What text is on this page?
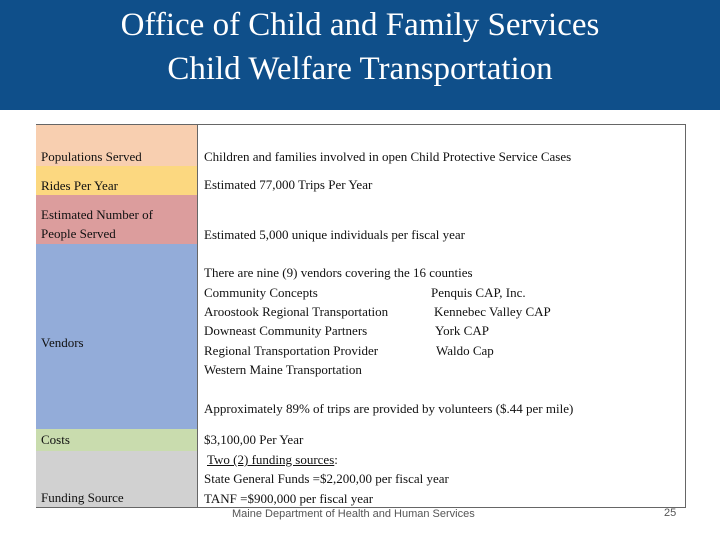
Office of Child and Family Services
Child Welfare Transportation
Populations Served
Rides Per Year
Estimated Number of
People Served
Vendors
Costs
Funding Source
Children and families involved in open Child Protective Service Cases
Estimated 77,000 Trips Per Year
Estimated 5,000 unique individuals per fiscal year
There are nine (9) vendors covering the 16 counties
Community Concepts
Aroostook Regional Transportation
Downeast Community Partners
Regional Transportation Provider
Western Maine Transportation
Penquis CAP, Inc.
Kennebec Valley CAP
York CAP
Waldo Cap
Approximately 89% of trips are provided by volunteers ($.44 per mile)
$3,100,00 Per Year
Two (2) funding sources:
State General Funds =$2,200,00 per fiscal year
TANF =$900,000 per fiscal year
Maine Department of Health and Human Services	25
